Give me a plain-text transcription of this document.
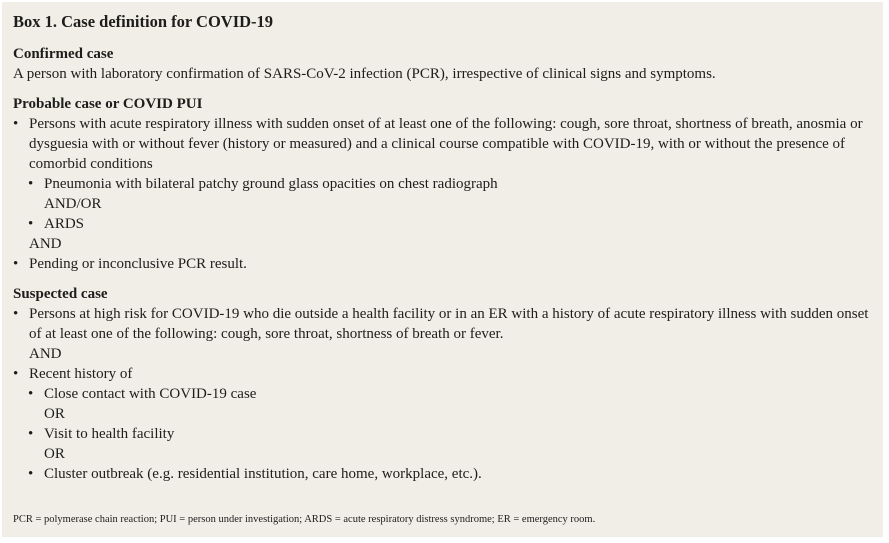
Box 1. Case definition for COVID-19
Confirmed case
A person with laboratory confirmation of SARS-CoV-2 infection (PCR), irrespective of clinical signs and symptoms.
Probable case or COVID PUI
• Persons with acute respiratory illness with sudden onset of at least one of the following: cough, sore throat, shortness of breath, anosmia or dysguesia with or without fever (history or measured) and a clinical course compatible with COVID-19, with or without the presence of comorbid conditions
• Pneumonia with bilateral patchy ground glass opacities on chest radiograph
AND/OR
• ARDS
AND
• Pending or inconclusive PCR result.
Suspected case
• Persons at high risk for COVID-19 who die outside a health facility or in an ER with a history of acute respiratory illness with sudden onset of at least one of the following: cough, sore throat, shortness of breath or fever.
AND
• Recent history of
• Close contact with COVID-19 case
OR
• Visit to health facility
OR
• Cluster outbreak (e.g. residential institution, care home, workplace, etc.).
PCR = polymerase chain reaction; PUI = person under investigation; ARDS = acute respiratory distress syndrome; ER = emergency room.
